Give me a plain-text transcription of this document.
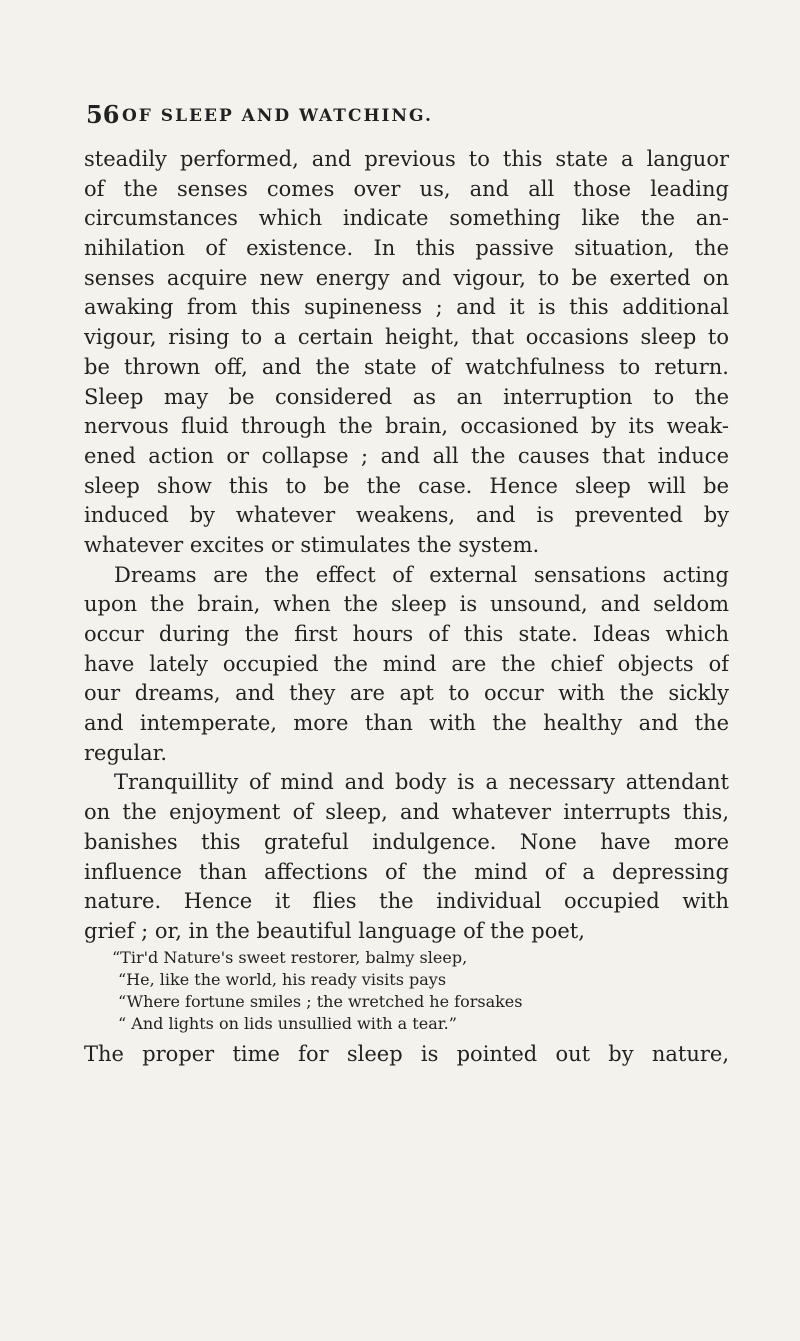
56 OF SLEEP AND WATCHING.
steadily performed, and previous to this state a languor
of the senses comes over us, and all those leading
circumstances which indicate something like the an-
nihilation of existence. In this passive situation, the
senses acquire new energy and vigour, to be exerted on
awaking from this supineness ; and it is this additional
vigour, rising to a certain height, that occasions sleep to
be thrown off, and the state of watchfulness to return.
Sleep may be considered as an interruption to the
nervous fluid through the brain, occasioned by its weak-
ened action or collapse ; and all the causes that induce
sleep show this to be the case. Hence sleep will be
induced by whatever weakens, and is prevented by
whatever excites or stimulates the system.
Dreams are the effect of external sensations acting
upon the brain, when the sleep is unsound, and seldom
occur during the first hours of this state. Ideas which
have lately occupied the mind are the chief objects of
our dreams, and they are apt to occur with the sickly
and intemperate, more than with the healthy and the
regular.
Tranquillity of mind and body is a necessary attendant
on the enjoyment of sleep, and whatever interrupts this,
banishes this grateful indulgence. None have more
influence than affections of the mind of a depressing
nature. Hence it flies the individual occupied with
grief ; or, in the beautiful language of the poet,
“Tir'd Nature's sweet restorer, balmy sleep,
“He, like the world, his ready visits pays
“Where fortune smiles ; the wretched he forsakes
“ And lights on lids unsullied with a tear.”
The proper time for sleep is pointed out by nature,
